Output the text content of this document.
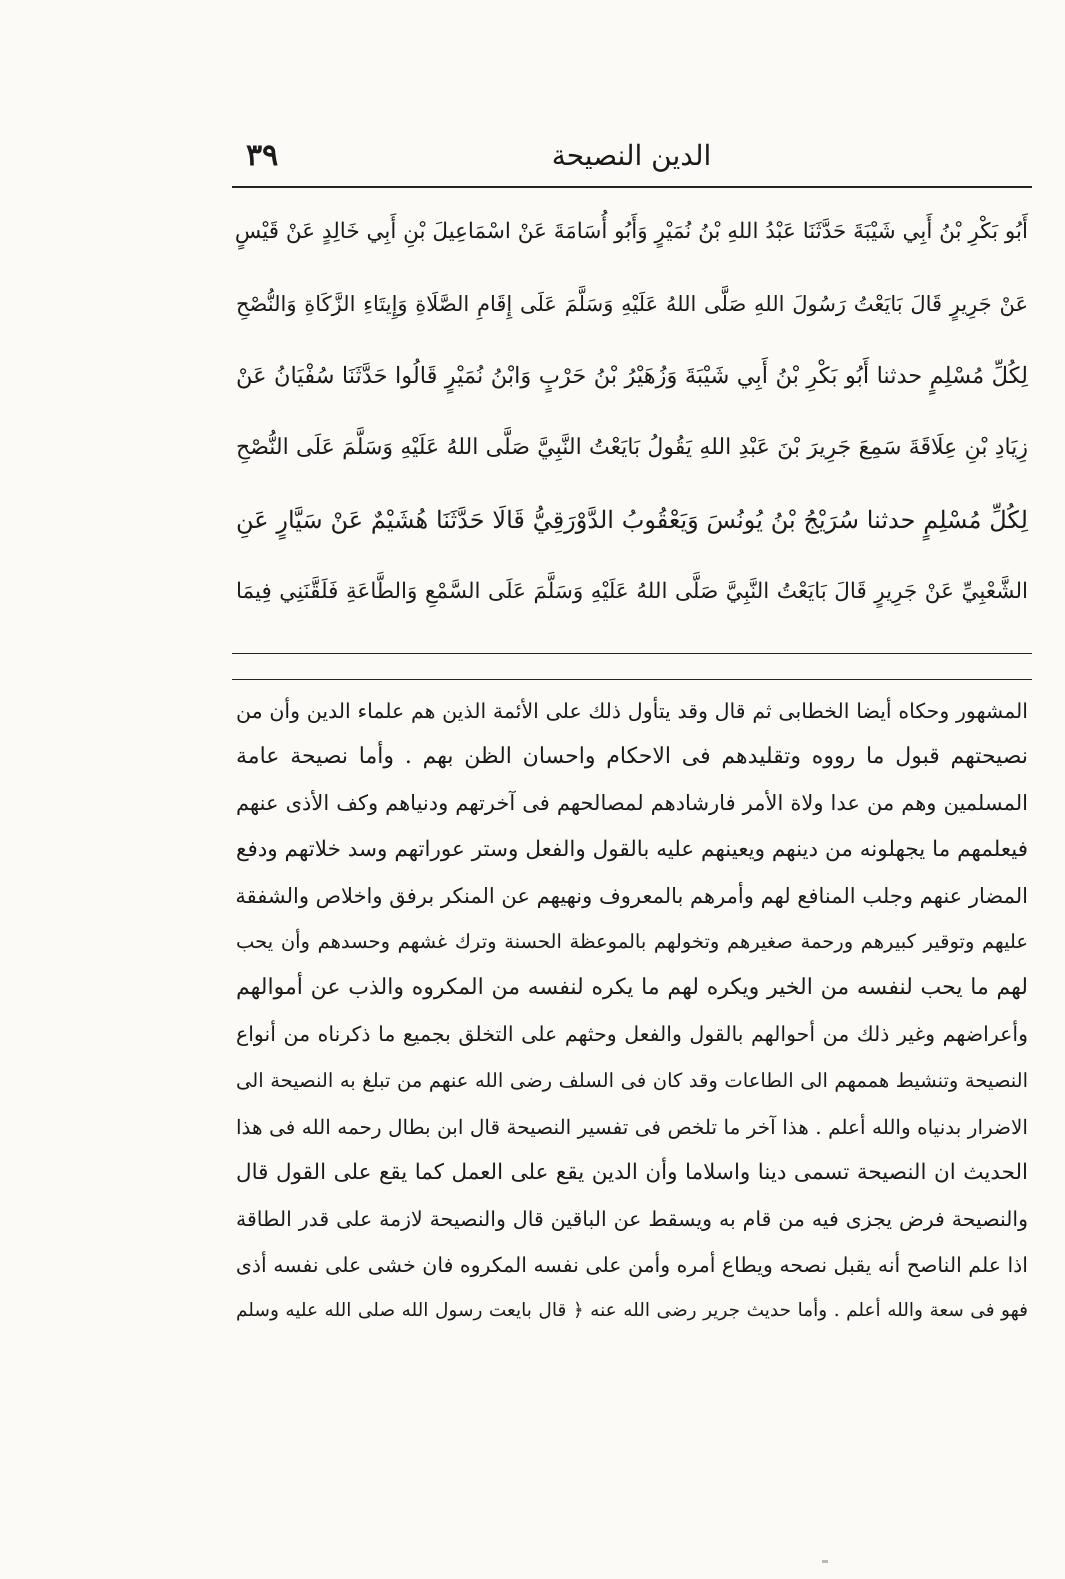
الدين النصيحة
٣٩
أَبُو بَكْرِ بْنُ أَبِي شَيْبَةَ حَدَّثَنَا عَبْدُ اللهِ بْنُ نُمَيْرٍ وَأَبُو أُسَامَةَ عَنْ اسْمَاعِيلَ بْنِ أَبِي خَالِدٍ عَنْ قَيْسٍ
عَنْ جَرِيرٍ قَالَ بَايَعْتُ رَسُولَ اللهِ صَلَّى اللهُ عَلَيْهِ وَسَلَّمَ عَلَى إِقَامِ الصَّلَاةِ وَإِيتَاءِ الزَّكَاةِ وَالنُّصْحِ
لِكُلِّ مُسْلِمٍ حدثنا أَبُو بَكْرِ بْنُ أَبِي شَيْبَةَ وَزُهَيْرُ بْنُ حَرْبٍ وَابْنُ نُمَيْرٍ قَالُوا حَدَّثَنَا سُفْيَانُ عَنْ
زِيَادِ بْنِ عِلَاقَةَ سَمِعَ جَرِيرَ بْنَ عَبْدِ اللهِ يَقُولُ بَايَعْتُ النَّبِيَّ صَلَّى اللهُ عَلَيْهِ وَسَلَّمَ عَلَى النُّصْحِ
لِكُلِّ مُسْلِمٍ حدثنا سُرَيْجُ بْنُ يُونُسَ وَيَعْقُوبُ الدَّوْرَقِيُّ قَالَا حَدَّثَنَا هُشَيْمٌ عَنْ سَيَّارٍ عَنِ
الشَّعْبِيِّ عَنْ جَرِيرٍ قَالَ بَايَعْتُ النَّبِيَّ صَلَّى اللهُ عَلَيْهِ وَسَلَّمَ عَلَى السَّمْعِ وَالطَّاعَةِ فَلَقَّنَنِي فِيمَا
المشهور وحكاه أيضا الخطابى ثم قال وقد يتأول ذلك على الأئمة الذين هم علماء الدين وأن من
نصيحتهم قبول ما رووه وتقليدهم فى الاحكام واحسان الظن بهم . وأما نصيحة عامة
المسلمين وهم من عدا ولاة الأمر فارشادهم لمصالحهم فى آخرتهم ودنياهم وكف الأذى عنهم
فيعلمهم ما يجهلونه من دينهم ويعينهم عليه بالقول والفعل وستر عوراتهم وسد خلاتهم ودفع
المضار عنهم وجلب المنافع لهم وأمرهم بالمعروف ونهيهم عن المنكر برفق واخلاص والشفقة
عليهم وتوقير كبيرهم ورحمة صغيرهم وتخولهم بالموعظة الحسنة وترك غشهم وحسدهم وأن يحب
لهم ما يحب لنفسه من الخير ويكره لهم ما يكره لنفسه من المكروه والذب عن أموالهم
وأعراضهم وغير ذلك من أحوالهم بالقول والفعل وحثهم على التخلق بجميع ما ذكرناه من أنواع
النصيحة وتنشيط هممهم الى الطاعات وقد كان فى السلف رضى الله عنهم من تبلغ به النصيحة الى
الاضرار بدنياه والله أعلم . هذا آخر ما تلخص فى تفسير النصيحة قال ابن بطال رحمه الله فى هذا
الحديث ان النصيحة تسمى دينا واسلاما وأن الدين يقع على العمل كما يقع على القول قال
والنصيحة فرض يجزى فيه من قام به ويسقط عن الباقين قال والنصيحة لازمة على قدر الطاقة
اذا علم الناصح أنه يقبل نصحه ويطاع أمره وأمن على نفسه المكروه فان خشى على نفسه أذى
فهو فى سعة والله أعلم . وأما حديث جرير رضى الله عنه ﴿ قال بايعت رسول الله صلى الله عليه وسلم
